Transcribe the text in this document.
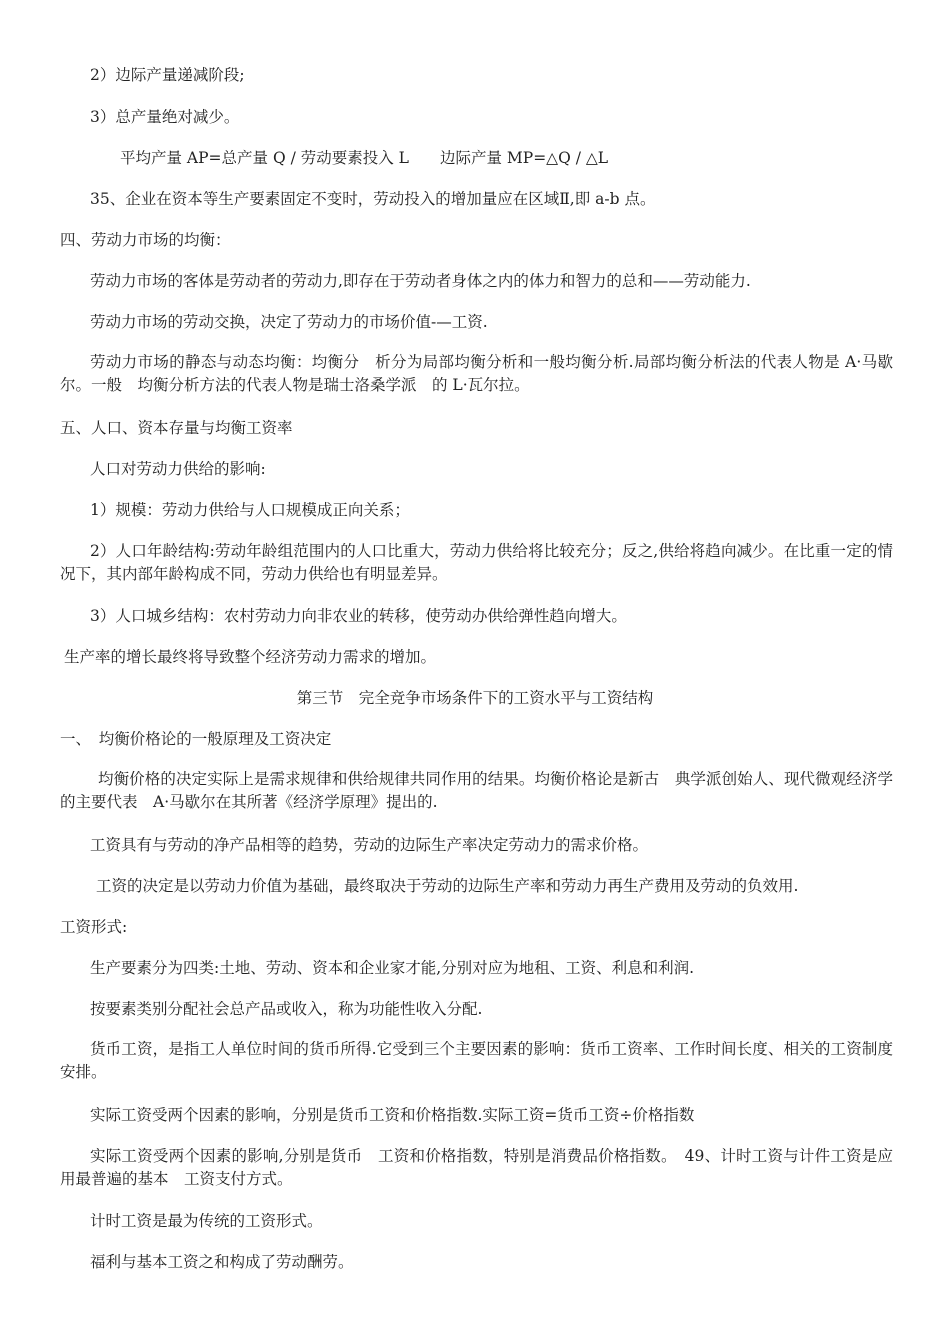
2）边际产量递减阶段;
3）总产量绝对减少。
平均产量 AP=总产量 Q / 劳动要素投入 L　　边际产量 MP=△Q / △L
35、企业在资本等生产要素固定不变时，劳动投入的增加量应在区域Ⅱ,即 a-b 点。
四、劳动力市场的均衡：
劳动力市场的客体是劳动者的劳动力,即存在于劳动者身体之内的体力和智力的总和——劳动能力.
劳动力市场的劳动交换，决定了劳动力的市场价值-—工资.
劳动力市场的静态与动态均衡：均衡分　析分为局部均衡分析和一般均衡分析.局部均衡分析法的代表人物是 A·马歇尔。一般　均衡分析方法的代表人物是瑞士洛桑学派　的 L·瓦尔拉。
五、人口、资本存量与均衡工资率
人口对劳动力供给的影响:
1）规模：劳动力供给与人口规模成正向关系；
2）人口年龄结构:劳动年龄组范围内的人口比重大，劳动力供给将比较充分；反之,供给将趋向减少。在比重一定的情况下，其内部年龄构成不同，劳动力供给也有明显差异。
3）人口城乡结构：农村劳动力向非农业的转移，使劳动办供给弹性趋向增大。
生产率的增长最终将导致整个经济劳动力需求的增加。
第三节　完全竞争市场条件下的工资水平与工资结构
一、　均衡价格论的一般原理及工资决定
均衡价格的决定实际上是需求规律和供给规律共同作用的结果。均衡价格论是新古　典学派创始人、现代微观经济学的主要代表　A·马歇尔在其所著《经济学原理》提出的.
工资具有与劳动的净产品相等的趋势，劳动的边际生产率决定劳动力的需求价格。
工资的决定是以劳动力价值为基础，最终取决于劳动的边际生产率和劳动力再生产费用及劳动的负效用.
工资形式:
生产要素分为四类:土地、劳动、资本和企业家才能,分别对应为地租、工资、利息和利润.
按要素类别分配社会总产品或收入，称为功能性收入分配.
货币工资，是指工人单位时间的货币所得.它受到三个主要因素的影响：货币工资率、工作时间长度、相关的工资制度安排。
实际工资受两个因素的影响，分别是货币工资和价格指数.实际工资=货币工资÷价格指数
实际工资受两个因素的影响,分别是货币　工资和价格指数，特别是消费品价格指数。　49、计时工资与计件工资是应用最普遍的基本　工资支付方式。
计时工资是最为传统的工资形式。
福利与基本工资之和构成了劳动酬劳。
